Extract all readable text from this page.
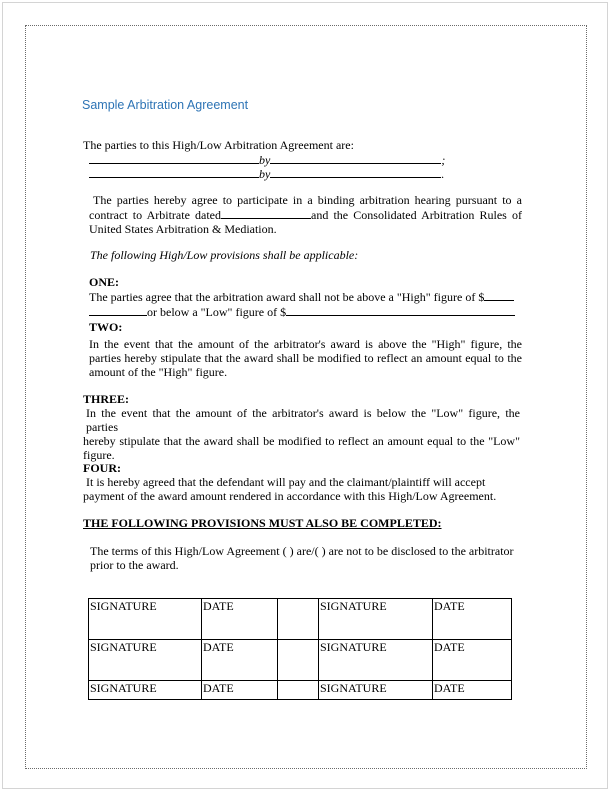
Sample Arbitration Agreement
The parties to this High/Low Arbitration Agreement are:
by	;
by	.
The parties hereby agree to participate in a binding arbitration hearing pursuant to a
contract to Arbitrate dated	and the Consolidated Arbitration Rules of
United States Arbitration & Mediation.
The following High/Low provisions shall be applicable:
ONE:
The parties agree that the arbitration award shall not be above a "High" figure of $
or below a "Low" figure of $
TWO:
In the event that the amount of the arbitrator's award is above the "High" figure, the
parties hereby stipulate that the award shall be modified to reflect an amount equal to the
amount of the "High" figure.
THREE:
In the event that the amount of the arbitrator's award is below the "Low" figure, the parties
hereby stipulate that the award shall be modified to reflect an amount equal to the "Low"
figure.
FOUR:
It is hereby agreed that the defendant will pay and the claimant/plaintiff will accept
payment of the award amount rendered in accordance with this High/Low Agreement.
THE FOLLOWING PROVISIONS MUST ALSO BE COMPLETED:
The terms of this High/Low Agreement ( ) are/( ) are not to be disclosed to the arbitrator
prior to the award.
SIGNATURE	DATE		SIGNATURE	DATE
SIGNATURE	DATE		SIGNATURE	DATE
SIGNATURE	DATE		SIGNATURE	DATE
